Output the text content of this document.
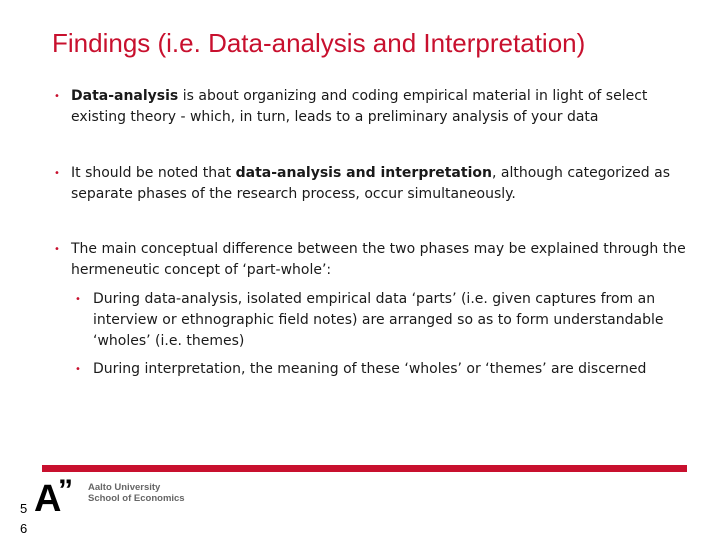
Findings (i.e. Data-analysis and Interpretation)
• Data-analysis is about organizing and coding empirical material in light of select existing theory - which, in turn, leads to a preliminary analysis of your data
• It should be noted that data-analysis and interpretation, although categorized as separate phases of the research process, occur simultaneously.
• The main conceptual difference between the two phases may be explained through the hermeneutic concept of ‘part-whole’:
• During data-analysis, isolated empirical data ‘parts’ (i.e. given captures from an interview or ethnographic field notes) are arranged so as to form understandable ‘wholes’ (i.e. themes)
• During interpretation, the meaning of these ‘wholes’ or ‘themes’ are discerned
A
” Aalto University
School of Economics
5
6
